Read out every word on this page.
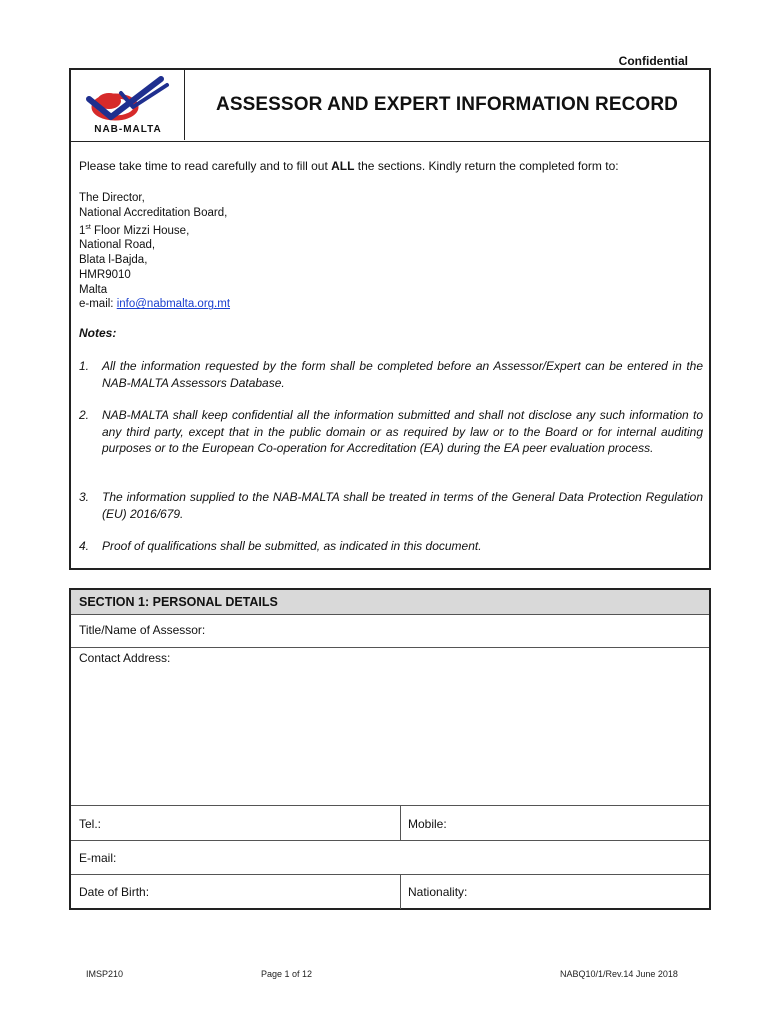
Confidential
NAB-MALTA
ASSESSOR AND EXPERT INFORMATION RECORD
Please take time to read carefully and to fill out ALL the sections. Kindly return the completed form to:
The Director,
National Accreditation Board,
1st Floor Mizzi House,
National Road,
Blata l-Bajda,
HMR9010
Malta
e-mail: info@nabmalta.org.mt
Notes:
1. All the information requested by the form shall be completed before an Assessor/Expert can be entered in the NAB-MALTA Assessors Database.
2. NAB-MALTA shall keep confidential all the information submitted and shall not disclose any such information to any third party, except that in the public domain or as required by law or to the Board or for internal auditing purposes or to the European Co-operation for Accreditation (EA) during the EA peer evaluation process.
3. The information supplied to the NAB-MALTA shall be treated in terms of the General Data Protection Regulation (EU) 2016/679.
4. Proof of qualifications shall be submitted, as indicated in this document.
SECTION 1: PERSONAL DETAILS
Title/Name of Assessor:
Contact Address:
Tel.:	Mobile:
E-mail:
Date of Birth:	Nationality:
IMSP210	Page 1 of 12	NABQ10/1/Rev.14 June 2018
